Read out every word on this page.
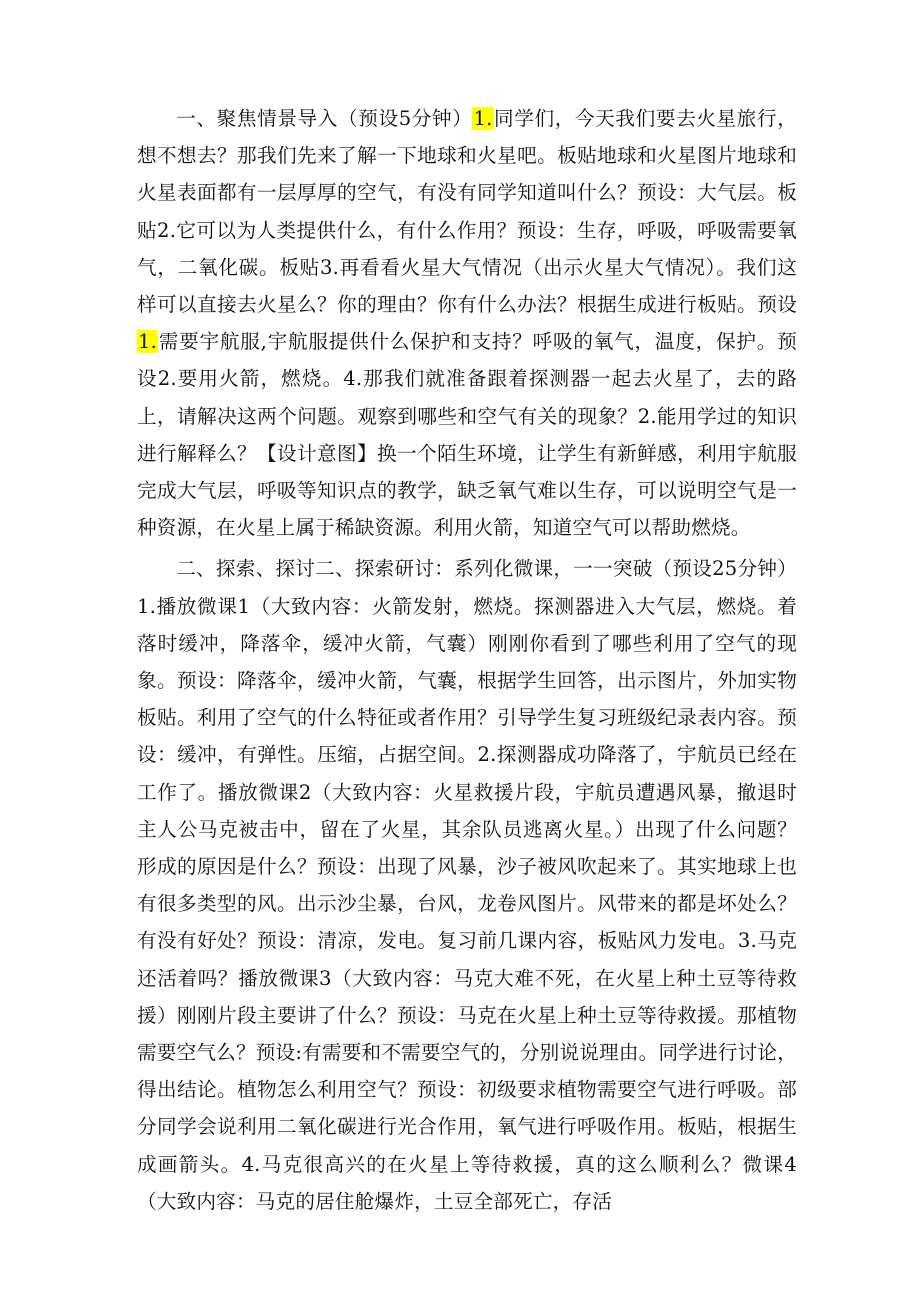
一、聚焦情景导入（预设5分钟）1.同学们，今天我们要去火星旅行，想不想去？那我们先来了解一下地球和火星吧。板贴地球和火星图片地球和火星表面都有一层厚厚的空气，有没有同学知道叫什么？预设：大气层。板贴2.它可以为人类提供什么，有什么作用？预设：生存，呼吸，呼吸需要氧气，二氧化碳。板贴3.再看看火星大气情况（出示火星大气情况）。我们这样可以直接去火星么？你的理由？你有什么办法？根据生成进行板贴。预设1.需要宇航服,宇航服提供什么保护和支持？呼吸的氧气，温度，保护。预设2.要用火箭，燃烧。4.那我们就准备跟着探测器一起去火星了，去的路上，请解决这两个问题。观察到哪些和空气有关的现象？2.能用学过的知识进行解释么？【设计意图】换一个陌生环境，让学生有新鲜感，利用宇航服完成大气层，呼吸等知识点的教学，缺乏氧气难以生存，可以说明空气是一种资源，在火星上属于稀缺资源。利用火箭，知道空气可以帮助燃烧。

二、探索、探讨二、探索研讨：系列化微课，一一突破（预设25分钟）1.播放微课1（大致内容：火箭发射，燃烧。探测器进入大气层，燃烧。着落时缓冲，降落伞，缓冲火箭，气囊）刚刚你看到了哪些利用了空气的现象。预设：降落伞，缓冲火箭，气囊，根据学生回答，出示图片，外加实物板贴。利用了空气的什么特征或者作用？引导学生复习班级纪录表内容。预设：缓冲，有弹性。压缩，占据空间。2.探测器成功降落了，宇航员已经在工作了。播放微课2（大致内容：火星救援片段，宇航员遭遇风暴，撤退时主人公马克被击中，留在了火星，其余队员逃离火星。）出现了什么问题？形成的原因是什么？预设：出现了风暴，沙子被风吹起来了。其实地球上也有很多类型的风。出示沙尘暴，台风，龙卷风图片。风带来的都是坏处么？有没有好处？预设：清凉，发电。复习前几课内容，板贴风力发电。3.马克还活着吗？播放微课3（大致内容：马克大难不死，在火星上种土豆等待救援）刚刚片段主要讲了什么？预设：马克在火星上种土豆等待救援。那植物需要空气么？预设:有需要和不需要空气的，分别说说理由。同学进行讨论，得出结论。植物怎么利用空气？预设：初级要求植物需要空气进行呼吸。部分同学会说利用二氧化碳进行光合作用，氧气进行呼吸作用。板贴，根据生成画箭头。4.马克很高兴的在火星上等待救援，真的这么顺利么？微课4（大致内容：马克的居住舱爆炸，土豆全部死亡，存活
